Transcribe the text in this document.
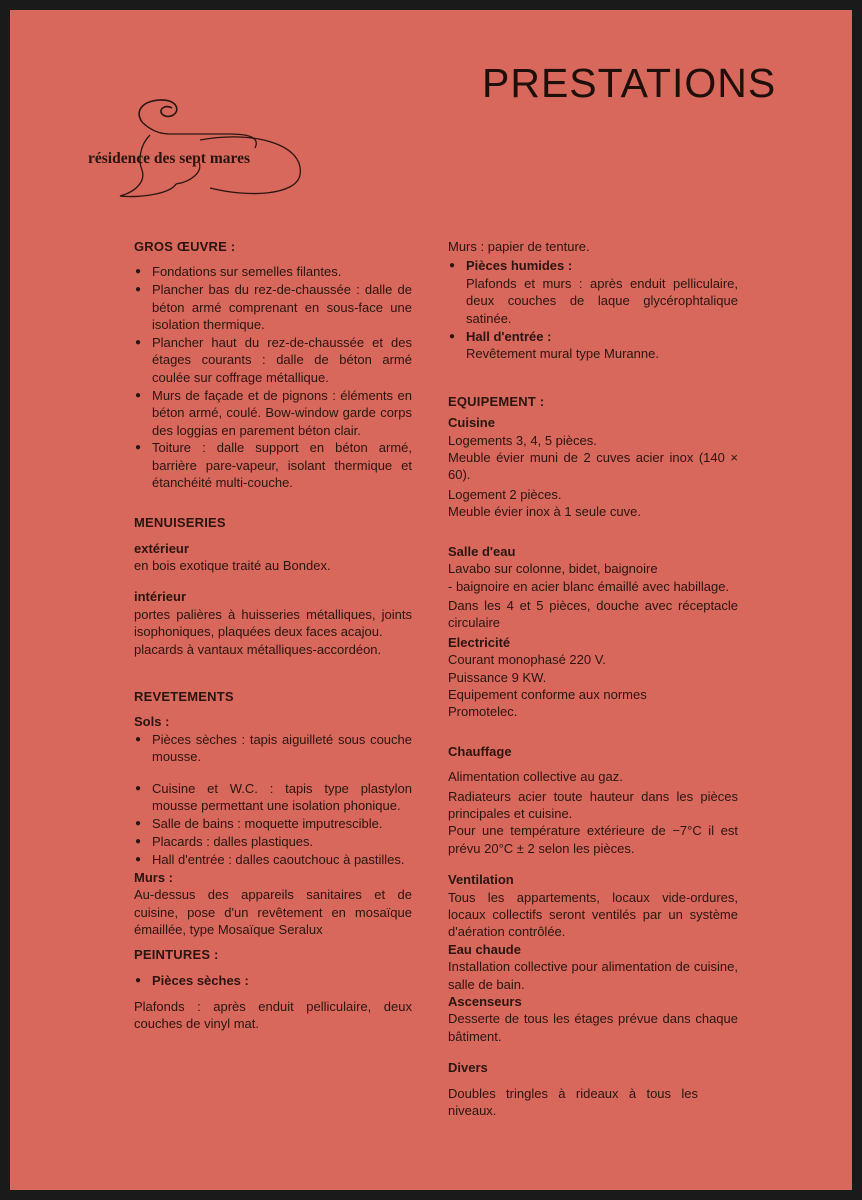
PRESTATIONS
résidence des sept mares

GROS ŒUVRE :

● Fondations sur semelles filantes.
● Plancher bas du rez-de-chaussée : dalle de béton armé comprenant en sous-face une isolation thermique.
● Plancher haut du rez-de-chaussée et des étages courants : dalle de béton armé coulée sur coffrage métallique.
● Murs de façade et de pignons : éléments en béton armé, coulé. Bow-window garde corps des loggias en parement béton clair.
● Toiture : dalle support en béton armé, barrière pare-vapeur, isolant thermique et étanchéité multi-couche.

MENUISERIES

extérieur

en bois exotique traité au Bondex.

intérieur

portes palières à huisseries métalliques, joints isophoniques, plaquées deux faces acajou.

placards à vantaux métalliques-accordéon.

REVETEMENTS

Sols :

● Pièces sèches : tapis aiguilleté sous couche mousse.
● Cuisine et W.C. : tapis type plastylon mousse permettant une isolation phonique.
● Salle de bains : moquette imputrescible.
● Placards : dalles plastiques.
● Hall d'entrée : dalles caoutchouc à pastilles.

Murs :

Au-dessus des appareils sanitaires et de cuisine, pose d'un revêtement en mosaïque émaillée, type Mosaïque Seralux

PEINTURES :

● Pièces sèches :

Plafonds : après enduit pelliculaire, deux couches de vinyl mat.

Murs : papier de tenture.

● Pièces humides :
Plafonds et murs : après enduit pelliculaire, deux couches de laque glycérophtalique satinée.
● Hall d'entrée :
Revêtement mural type Muranne.

EQUIPEMENT :

Cuisine

Logements 3, 4, 5 pièces.

Meuble évier muni de 2 cuves acier inox (140 × 60).

Logement 2 pièces.

Meuble évier inox à 1 seule cuve.

Salle d'eau

Lavabo sur colonne, bidet, baignoire

- baignoire en acier blanc émaillé avec habillage.

Dans les 4 et 5 pièces, douche avec réceptacle circulaire

Electricité

Courant monophasé 220 V.

Puissance 9 KW.

Equipement conforme aux normes Promotelec.

Chauffage

Alimentation collective au gaz.

Radiateurs acier toute hauteur dans les pièces principales et cuisine.

Pour une température extérieure de −7°C il est prévu 20°C ± 2 selon les pièces.

Ventilation

Tous les appartements, locaux vide-ordures, locaux collectifs seront ventilés par un système d'aération contrôlée.

Eau chaude

Installation collective pour alimentation de cuisine, salle de bain.

Ascenseurs

Desserte de tous les étages prévue dans chaque bâtiment.

Divers

Doubles tringles à rideaux à tous les niveaux.
